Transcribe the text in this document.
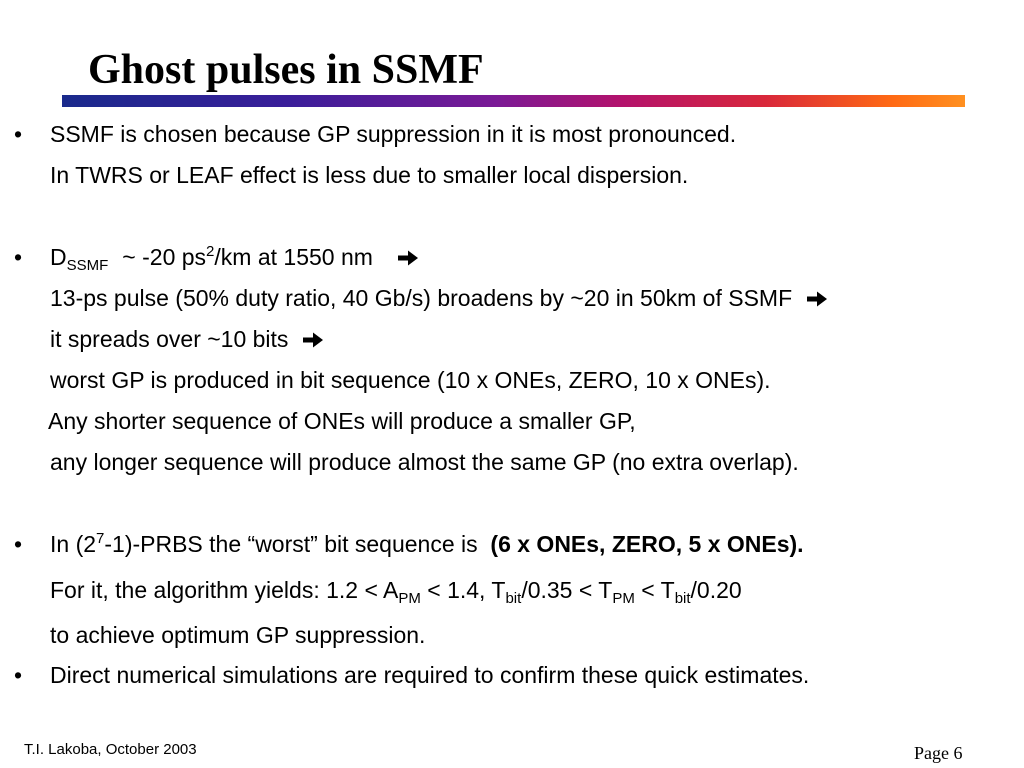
Ghost pulses in SSMF
• SSMF is chosen because GP suppression in it is most pronounced.
In TWRS or LEAF effect is less due to smaller local dispersion.
• $D_{SSMF}$ ~ -20 $ps^2/km$ at 1550 nm
13-ps pulse (50% duty ratio, 40 Gb/s) broadens by ~20 in 50km of SSMF
it spreads over ~10 bits
worst GP is produced in bit sequence (10 x ONEs, ZERO, 10 x ONEs).
Any shorter sequence of ONEs will produce a smaller GP,
any longer sequence will produce almost the same GP (no extra overlap).
• In $(2^7-1)$-PRBS the “worst” bit sequence is (6 x ONEs, ZERO, 5 x ONEs).
For it, the algorithm yields: $1.2 < A_{PM} < 1.4$, $T_{bit}/0.35 < T_{PM} < T_{bit}/0.20$
to achieve optimum GP suppression.
• Direct numerical simulations are required to confirm these quick estimates.
T.I. Lakoba, October 2003	Page 6
